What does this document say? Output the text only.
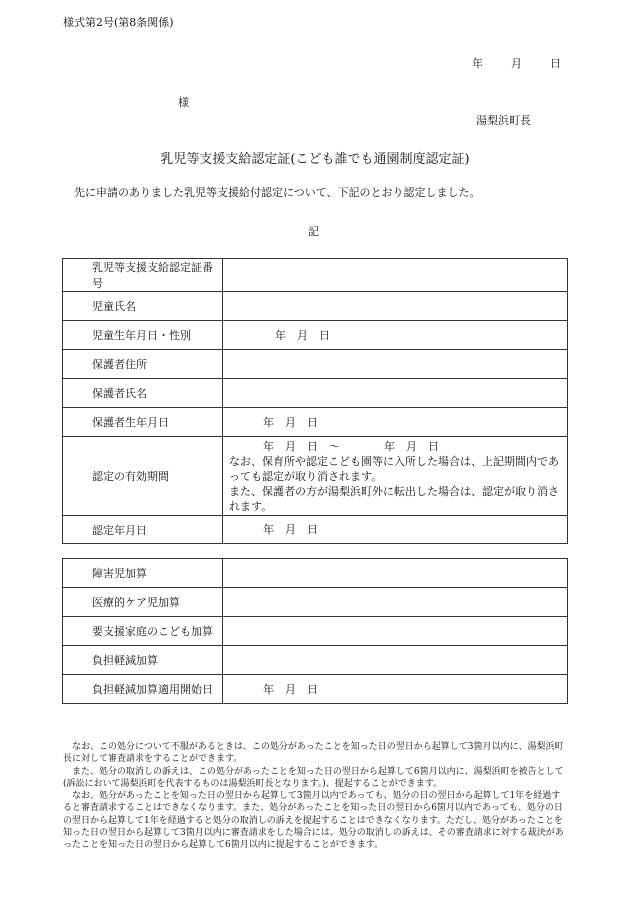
様式第2号(第8条関係)
年	月	日
様
湯梨浜町長
乳児等支援支給認定証(こども誰でも通園制度認定証)
先に申請のありました乳児等支援給付認定について、下記のとおり認定しました。
記
乳児等支援支給認定証番号	
児童氏名	
児童生年月日・性別	年　月　日
保護者住所	
保護者氏名	
保護者生年月日	年　月　日
認定の有効期間	年　月　日　～　　　　年　月　日
なお、保育所や認定こども園等に入所した場合は、上記期間内であっても認定が取り消されます。
また、保護者の方が湯梨浜町外に転出した場合は、認定が取り消されます。

認定年月日	年　月　日
障害児加算	
医療的ケア児加算	
要支援家庭のこども加算	
負担軽減加算	
負担軽減加算適用開始日	年　月　日

なお、この処分について不服があるときは、この処分があったことを知った日の翌日から起算して3箇月以内に、湯梨浜町長に対して審査請求をすることができます。

また、処分の取消しの訴えは、この処分があったことを知った日の翌日から起算して6箇月以内に、湯梨浜町を被告として(訴訟において湯梨浜町を代表するものは湯梨浜町長となります。)、提起することができます。

なお、処分があったことを知った日の翌日から起算して3箇月以内であっても、処分の日の翌日から起算して1年を経過すると審査請求することはできなくなります。また、処分があったことを知った日の翌日から6箇月以内であっても、処分の日の翌日から起算して1年を経過すると処分の取消しの訴えを提起することはできなくなります。ただし、処分があったことを知った日の翌日から起算して3箇月以内に審査請求をした場合には、処分の取消しの訴えは、その審査請求に対する裁決があったことを知った日の翌日から起算して6箇月以内に提起することができます。
